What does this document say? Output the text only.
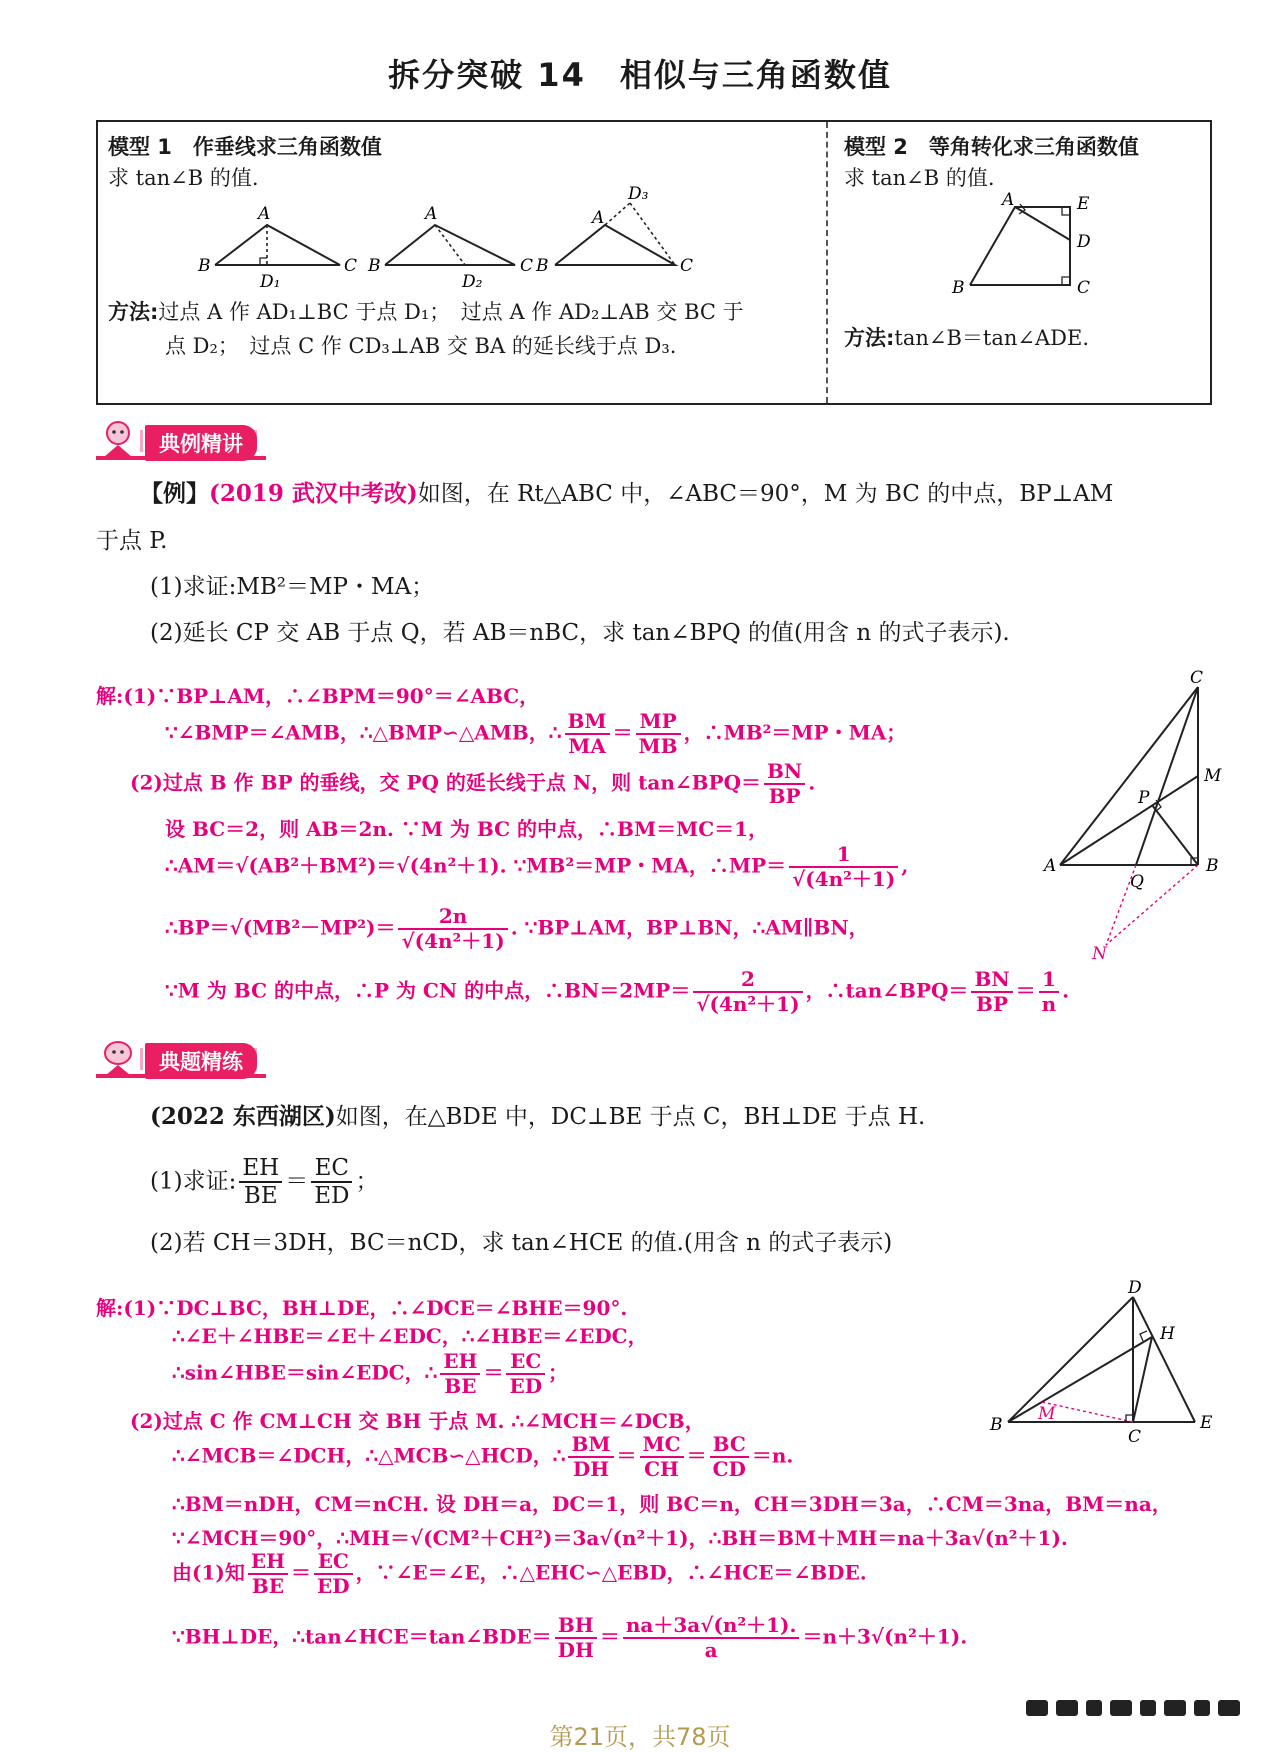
拆分突破 14　相似与三角函数值
模型 1　作垂线求三角函数值
求 tan∠B 的值.
B
A
C
D₁
B
A
C
D₂
B
A
C
D₃
方法:过点 A 作 AD₁⊥BC 于点 D₁；　过点 A 作 AD₂⊥AB 交 BC 于
点 D₂；　过点 C 作 CD₃⊥AB 交 BA 的延长线于点 D₃.
模型 2　等角转化求三角函数值
求 tan∠B 的值.
A	E
D
B	C
方法:tan∠B＝tan∠ADE.
典例精讲
【例】(2019 武汉中考改)如图，在 Rt△ABC 中，∠ABC＝90°，M 为 BC 的中点，BP⊥AM
于点 P.
(1)求证:MB²＝MP・MA；
(2)延长 CP 交 AB 于点 Q，若 AB＝nBC，求 tan∠BPQ 的值(用含 n 的式子表示).
解:(1)∵BP⊥AM，∴∠BPM＝90°＝∠ABC，
∵∠BMP＝∠AMB，∴△BMP∽△AMB，∴ $\frac{BM}{MA} = \frac{MP}{MB}$ ，∴MB²＝MP・MA；
(2)过点 B 作 BP 的垂线，交 PQ 的延长线于点 N，则 tan∠BPQ＝ $\frac{BN}{BP}$ .
设 BC＝2，则 AB＝2n. ∵M 为 BC 的中点，∴BM＝MC＝1，
∴AM＝√(AB²＋BM²)＝√(4n²＋1). ∵MB²＝MP・MA，∴MP＝ $\frac{1}{\text{√(4n²＋1)}}$ ,
∴BP＝√(MB²－MP²)＝ $\frac{2n}{\text{√(4n²＋1)}}$ . ∵BP⊥AM，BP⊥BN，∴AM∥BN，
∵M 为 BC 的中点，∴P 为 CN 的中点，∴BN＝2MP＝ $\frac{2}{\text{√(4n²＋1)}}$ ，∴tan∠BPQ＝ $\frac{BN}{BP} = \frac{1}{n}$ .
C
M
P
A	B
Q
N
典题精练
(2022 东西湖区)如图，在△BDE 中，DC⊥BE 于点 C，BH⊥DE 于点 H.
(1)求证: $\frac{EH}{BE} = \frac{EC}{ED}$ ；
(2)若 CH＝3DH，BC＝nCD，求 tan∠HCE 的值.(用含 n 的式子表示)
解:(1)∵DC⊥BC，BH⊥DE，∴∠DCE＝∠BHE＝90°.
∴∠E＋∠HBE＝∠E＋∠EDC，∴∠HBE＝∠EDC，
∴sin∠HBE＝sin∠EDC，∴ $\frac{EH}{BE} = \frac{EC}{ED}$ ；
(2)过点 C 作 CM⊥CH 交 BH 于点 M. ∴∠MCH＝∠DCB，
∴∠MCB＝∠DCH，∴△MCB∽△HCD，∴ $\frac{BM}{DH} = \frac{MC}{CH} = \frac{BC}{CD} =n$.
∴BM＝nDH，CM＝nCH. 设 DH＝a，DC＝1，则 BC＝n，CH＝3DH＝3a，∴CM＝3na，BM＝na，
∵∠MCH＝90°，∴MH＝√(CM²＋CH²)＝3a√(n²＋1)，∴BH＝BM＋MH＝na＋3a√(n²＋1).
由(1)知 $\frac{EH}{BE} = \frac{EC}{ED}$ ，∵∠E＝∠E，∴△EHC∽△EBD，∴∠HCE＝∠BDE.
∵BH⊥DE，∴tan∠HCE＝tan∠BDE＝ $\frac{BH}{DH} = \frac{\text{na＋3a√(n²＋1).}}{a} =n+3√(n^2+1)$.
D
H
B
M
C
E
第21页，共78页
